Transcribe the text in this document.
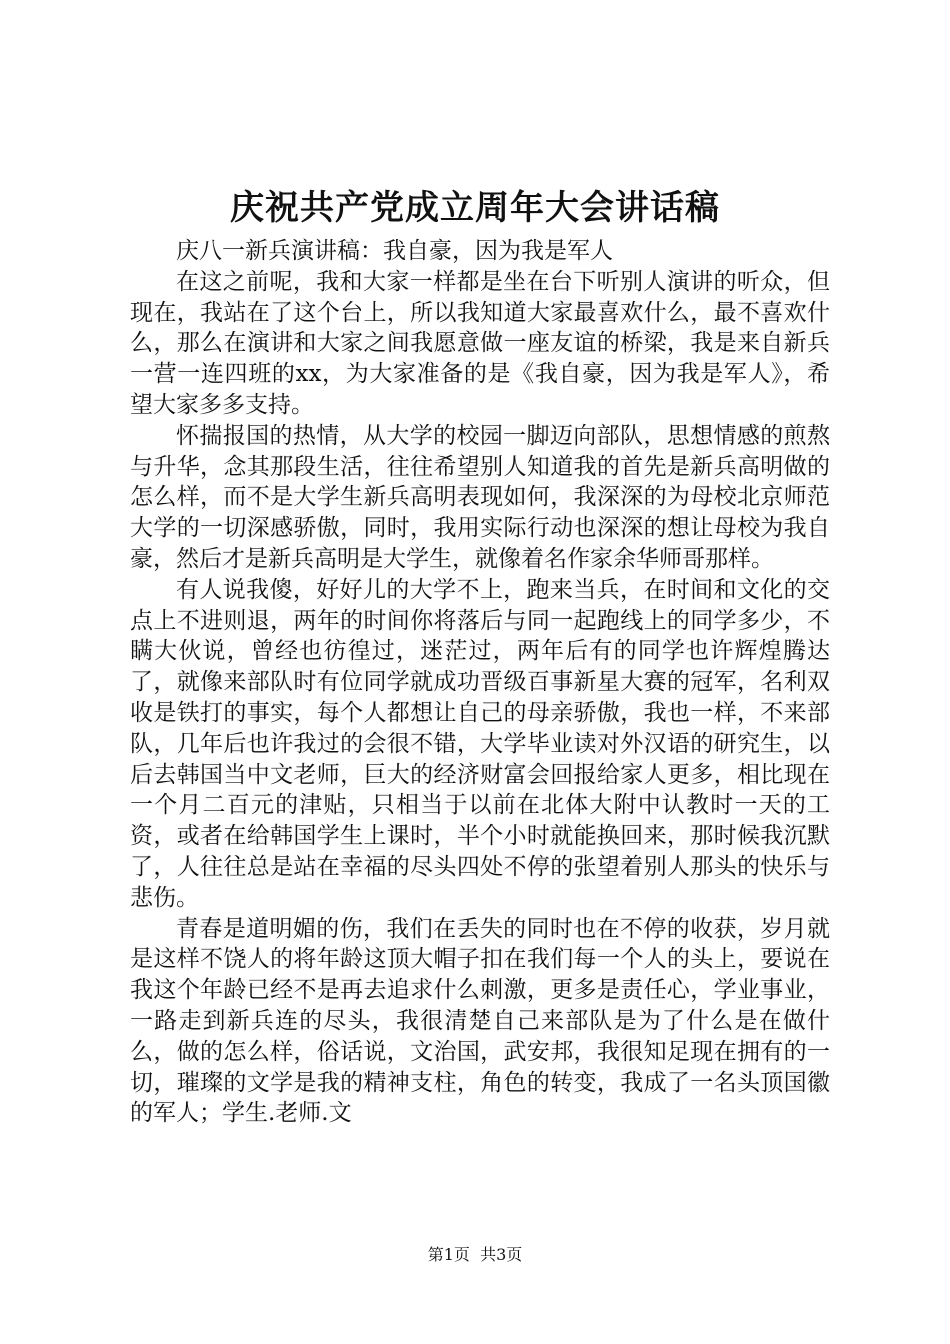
庆祝共产党成立周年大会讲话稿

庆八一新兵演讲稿：我自豪，因为我是军人

在这之前呢，我和大家一样都是坐在台下听别人演讲的听众，但现在，我站在了这个台上，所以我知道大家最喜欢什么，最不喜欢什么，那么在演讲和大家之间我愿意做一座友谊的桥梁，我是来自新兵一营一连四班的xx，为大家准备的是《我自豪，因为我是军人》，希望大家多多支持。

怀揣报国的热情，从大学的校园一脚迈向部队，思想情感的煎熬与升华，念其那段生活，往往希望别人知道我的首先是新兵高明做的怎么样，而不是大学生新兵高明表现如何，我深深的为母校北京师范大学的一切深感骄傲，同时，我用实际行动也深深的想让母校为我自豪，然后才是新兵高明是大学生，就像着名作家余华师哥那样。

有人说我傻，好好儿的大学不上，跑来当兵，在时间和文化的交点上不进则退，两年的时间你将落后与同一起跑线上的同学多少，不瞒大伙说，曾经也彷徨过，迷茫过，两年后有的同学也许辉煌腾达了，就像来部队时有位同学就成功晋级百事新星大赛的冠军，名利双收是铁打的事实，每个人都想让自己的母亲骄傲，我也一样，不来部队，几年后也许我过的会很不错，大学毕业读对外汉语的研究生，以后去韩国当中文老师，巨大的经济财富会回报给家人更多，相比现在一个月二百元的津贴，只相当于以前在北体大附中认教时一天的工资，或者在给韩国学生上课时，半个小时就能换回来，那时候我沉默了，人往往总是站在幸福的尽头四处不停的张望着别人那头的快乐与悲伤。

青春是道明媚的伤，我们在丢失的同时也在不停的收获，岁月就是这样不饶人的将年龄这顶大帽子扣在我们每一个人的头上，要说在我这个年龄已经不是再去追求什么刺激，更多是责任心，学业事业，一路走到新兵连的尽头，我很清楚自己来部队是为了什么是在做什么，做的怎么样，俗话说，文治国，武安邦，我很知足现在拥有的一切，璀璨的文学是我的精神支柱，角色的转变，我成了一名头顶国徽的军人；学生.老师.文

第1页  共3页
